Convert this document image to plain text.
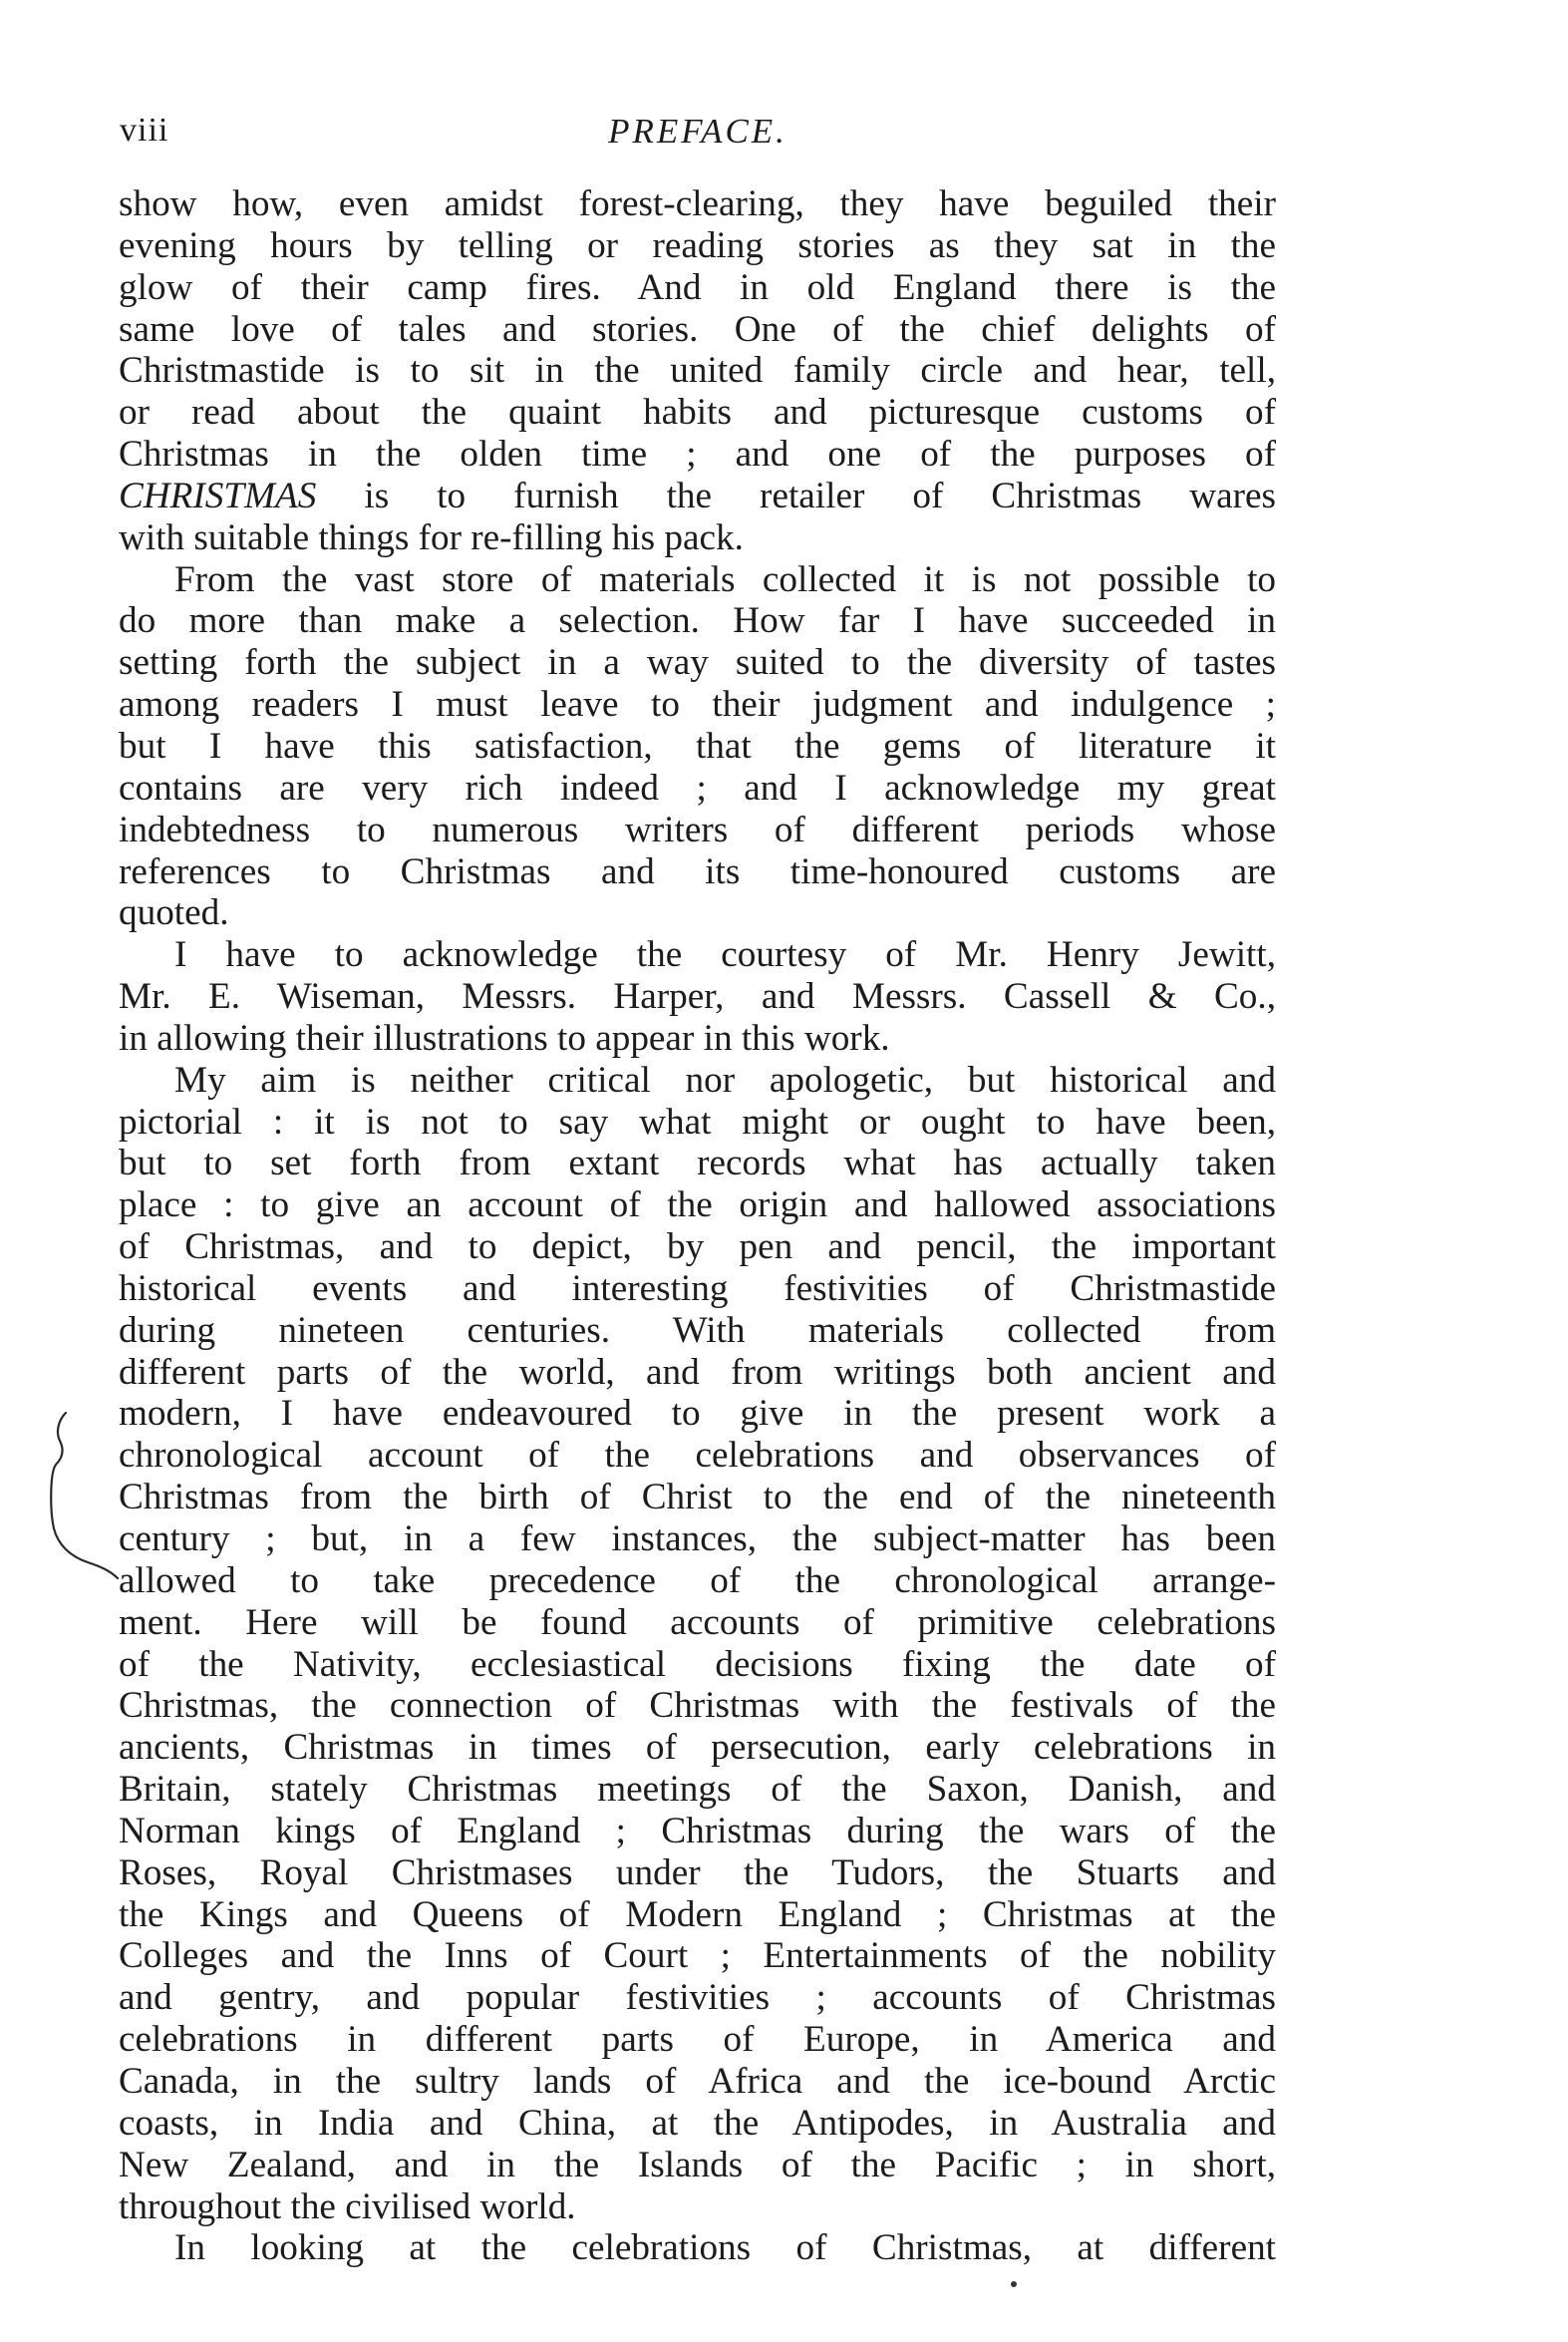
viii	PREFACE.
show how, even amidst forest-clearing, they have beguiled their
evening hours by telling or reading stories as they sat in the
glow of their camp fires. And in old England there is the
same love of tales and stories. One of the chief delights of
Christmastide is to sit in the united family circle and hear, tell,
or read about the quaint habits and picturesque customs of
Christmas in the olden time ; and one of the purposes of
CHRISTMAS is to furnish the retailer of Christmas wares
with suitable things for re-filling his pack.
From the vast store of materials collected it is not possible to
do more than make a selection. How far I have succeeded in
setting forth the subject in a way suited to the diversity of tastes
among readers I must leave to their judgment and indulgence ;
but I have this satisfaction, that the gems of literature it
contains are very rich indeed ; and I acknowledge my great
indebtedness to numerous writers of different periods whose
references to Christmas and its time-honoured customs are
quoted.
I have to acknowledge the courtesy of Mr. Henry Jewitt,
Mr. E. Wiseman, Messrs. Harper, and Messrs. Cassell & Co.,
in allowing their illustrations to appear in this work.
My aim is neither critical nor apologetic, but historical and
pictorial : it is not to say what might or ought to have been,
but to set forth from extant records what has actually taken
place : to give an account of the origin and hallowed associations
of Christmas, and to depict, by pen and pencil, the important
historical events and interesting festivities of Christmastide
during nineteen centuries. With materials collected from
different parts of the world, and from writings both ancient and
modern, I have endeavoured to give in the present work a
chronological account of the celebrations and observances of
Christmas from the birth of Christ to the end of the nineteenth
century ; but, in a few instances, the subject-matter has been
allowed to take precedence of the chronological arrange-
ment. Here will be found accounts of primitive celebrations
of the Nativity, ecclesiastical decisions fixing the date of
Christmas, the connection of Christmas with the festivals of the
ancients, Christmas in times of persecution, early celebrations in
Britain, stately Christmas meetings of the Saxon, Danish, and
Norman kings of England ; Christmas during the wars of the
Roses, Royal Christmases under the Tudors, the Stuarts and
the Kings and Queens of Modern England ; Christmas at the
Colleges and the Inns of Court ; Entertainments of the nobility
and gentry, and popular festivities ; accounts of Christmas
celebrations in different parts of Europe, in America and
Canada, in the sultry lands of Africa and the ice-bound Arctic
coasts, in India and China, at the Antipodes, in Australia and
New Zealand, and in the Islands of the Pacific ; in short,
throughout the civilised world.
In looking at the celebrations of Christmas, at different
